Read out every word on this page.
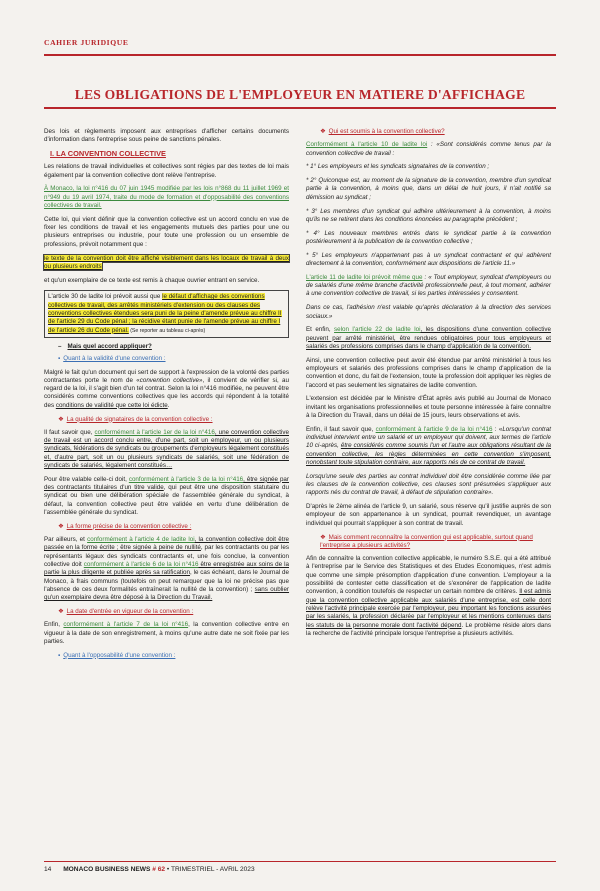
CAHIER JURIDIQUE
LES OBLIGATIONS DE L'EMPLOYEUR EN MATIERE D'AFFICHAGE

Des lois et règlements imposent aux entreprises d'afficher certains documents d'information dans l'entreprise sous peine de sanctions pénales.

I. LA CONVENTION COLLECTIVE

Les relations de travail individuelles et collectives sont régies par des textes de loi mais également par la convention collective dont relève l'entreprise.

À Monaco, la loi n°416 du 07 juin 1945 modifiée par les lois n°868 du 11 juillet 1969 et n°949 du 19 avril 1974, traite du mode de formation et d'opposabilité des conventions collectives de travail.

Cette loi, qui vient définir que la convention collective est un accord conclu en vue de fixer les conditions de travail et les engagements mutuels des parties pour une ou plusieurs entreprises ou industrie, pour toute une profession ou un ensemble de professions, prévoit notamment que :

le texte de la convention doit être affiché visiblement dans les locaux de travail à deux ou plusieurs endroits

et qu'un exemplaire de ce texte est remis à chaque ouvrier entrant en service.

L'article 30 de ladite loi prévoit aussi que le défaut d'affichage des conventions collectives de travail, des arrêtés ministériels d'extension ou des clauses des conventions collectives étendues sera puni de la peine d'amende prévue au chiffre II de l'article 29 du Code pénal ; la récidive étant punie de l'amende prévue au chiffre I de l'article 26 du Code pénal. (Se reporter au tableau ci-après)
– Mais quel accord appliquer?
▪ Quant à la validité d'une convention :

Malgré le fait qu'un document qui sert de support à l'expression de la volonté des parties contractantes porte le nom de «convention collective», il convient de vérifier si, au regard de la loi, il s'agit bien d'un tel contrat. Selon la loi n°416 modifiée, ne peuvent être considérés comme conventions collectives que les accords qui répondent à la totalité des conditions de validité que cette loi édicte.

❖ La qualité de signataires de la convention collective :

Il faut savoir que, conformément à l'article 1er de la loi n°416, une convention collective de travail est un accord conclu entre, d'une part, soit un employeur, un ou plusieurs syndicats, fédérations de syndicats ou groupements d'employeurs légalement constitués et, d'autre part, soit un ou plusieurs syndicats de salariés, soit une fédération de syndicats de salariés, légalement constitués…

Pour être valable celle-ci doit, conformément à l'article 3 de la loi n°416, être signée par des contractants titulaires d'un titre valide, qui peut être une disposition statutaire du syndicat ou bien une délibération spéciale de l'assemblée générale du syndicat, à défaut, la convention collective peut être validée en vertu d'une délibération de l'assemblée générale du syndicat.

❖ La forme précise de la convention collective :

Par ailleurs, et conformément à l'article 4 de ladite loi, la convention collective doit être passée en la forme écrite ; être signée à peine de nullité, par les contractants ou par les représentants légaux des syndicats contractants et, une fois conclue, la convention collective doit conformément à l'article 6 de la loi n°416 être enregistrée aux soins de la partie la plus diligente et publiée après sa ratification, le cas échéant, dans le Journal de Monaco, à frais communs (toutefois on peut remarquer que la loi ne précise pas que l'absence de ces deux formalités entraînerait la nullité de la convention) ; sans oublier qu'un exemplaire devra être déposé à la Direction du Travail.

❖ La date d'entrée en vigueur de la convention :

Enfin, conformément à l'article 7 de la loi n°416, la convention collective entre en vigueur à la date de son enregistrement, à moins qu'une autre date ne soit fixée par les parties.

▪ Quant à l'opposabilité d'une convention :
❖ Qui est soumis à la convention collective?

Conformément à l'article 10 de ladite loi : «Sont considérés comme tenus par la convention collective de travail :

* 1° Les employeurs et les syndicats signataires de la convention ;

* 2° Quiconque est, au moment de la signature de la convention, membre d'un syndicat partie à la convention, à moins que, dans un délai de huit jours, il n'ait notifié sa démission au syndicat ;

* 3° Les membres d'un syndicat qui adhère ultérieurement à la convention, à moins qu'ils ne se retirent dans les conditions énoncées au paragraphe précédent ;

* 4° Les nouveaux membres entrés dans le syndicat partie à la convention postérieurement à la publication de la convention collective ;

* 5° Les employeurs n'appartenant pas à un syndicat contractant et qui adhèrent directement à la convention, conformément aux dispositions de l'article 11.»

L'article 11 de ladite loi prévoit même que : « Tout employeur, syndicat d'employeurs ou de salariés d'une même branche d'activité professionnelle peut, à tout moment, adhérer à une convention collective de travail, si les parties intéressées y consentent.

Dans ce cas, l'adhésion n'est valable qu'après déclaration à la direction des services sociaux.»

Et enfin, selon l'article 22 de ladite loi, les dispositions d'une convention collective peuvent par arrêté ministériel, être rendues obligatoires pour tous employeurs et salariés des professions comprises dans le champ d'application de la convention.

Ainsi, une convention collective peut avoir été étendue par arrêté ministériel à tous les employeurs et salariés des professions comprises dans le champ d'application de la convention et donc, du fait de l'extension, toute la profession doit appliquer les règles de l'accord et pas seulement les signataires de ladite convention.

L'extension est décidée par le Ministre d'État après avis publié au Journal de Monaco invitant les organisations professionnelles et toute personne intéressée à faire connaître à la Direction du Travail, dans un délai de 15 jours, leurs observations et avis.

Enfin, il faut savoir que, conformément à l'article 9 de la loi n°416 : «Lorsqu'un contrat individuel intervient entre un salarié et un employeur qui doivent, aux termes de l'article 10 ci-après, être considérés comme soumis l'un et l'autre aux obligations résultant de la convention collective, les règles déterminées en cette convention s'imposent, nonobstant toute stipulation contraire, aux rapports nés de ce contrat de travail.

Lorsqu'une seule des parties au contrat individuel doit être considérée comme liée par les clauses de la convention collective, ces clauses sont présumées s'appliquer aux rapports nés du contrat de travail, à défaut de stipulation contraire».

D'après le 2ème alinéa de l'article 9, un salarié, sous réserve qu'il justifie auprès de son employeur de son appartenance à un syndicat, pourrait revendiquer, un avantage individuel qui pourrait s'appliquer à son contrat de travail.

❖ Mais comment reconnaître la convention qui est applicable, surtout quand l'entreprise a plusieurs activités?

Afin de connaître la convention collective applicable, le numéro S.S.E. qui a été attribué à l'entreprise par le Service des Statistiques et des Etudes Economiques, n'est admis que comme une simple présomption d'application d'une convention. L'employeur a la possibilité de contester cette classification et de s'exonérer de l'application de ladite convention, à condition toutefois de respecter un certain nombre de critères. Il est admis que la convention collective applicable aux salariés d'une entreprise, est celle dont relève l'activité principale exercée par l'employeur, peu important les fonctions assurées par les salariés, la profession déclarée par l'employeur et les mentions contenues dans les statuts de la personne morale dont l'activité dépend. Le problème réside alors dans la recherche de l'activité principale lorsque l'entreprise a plusieurs activités.

14 MONACO BUSINESS NEWS # 62 • TRIMESTRIEL - AVRIL 2023
